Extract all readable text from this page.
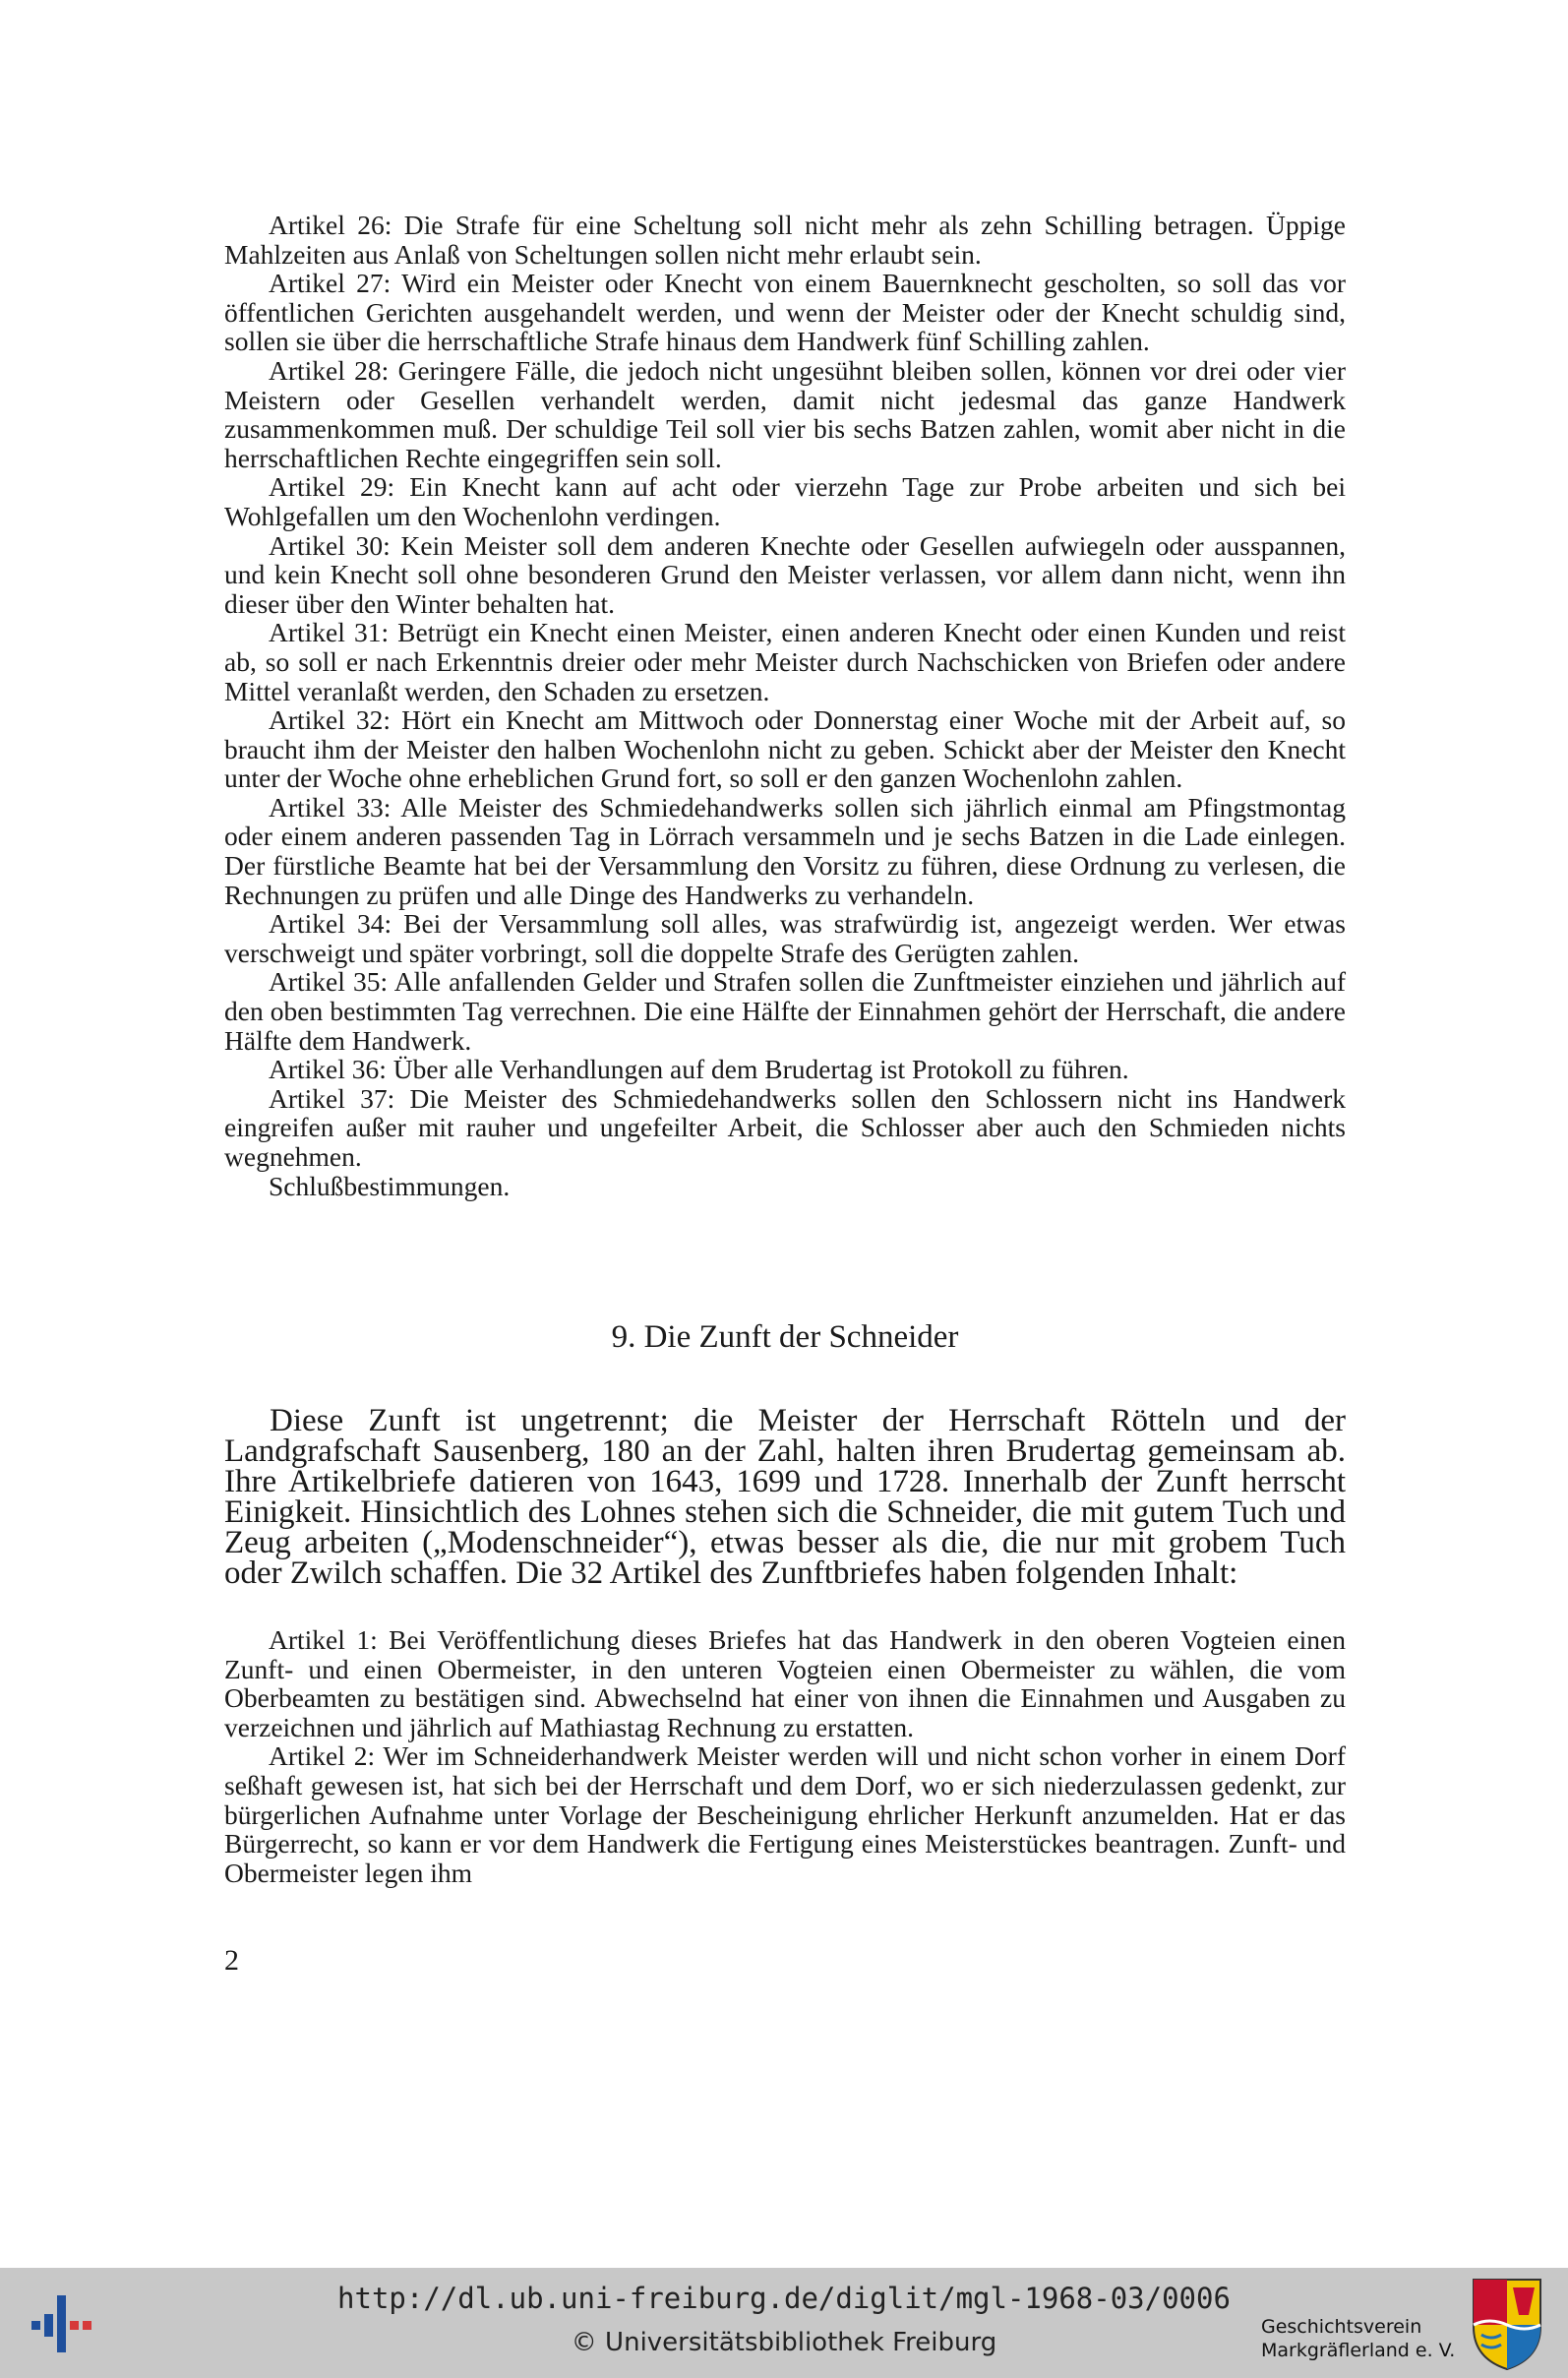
Artikel 26: Die Strafe für eine Scheltung soll nicht mehr als zehn Schilling betragen. Üppige Mahlzeiten aus Anlaß von Scheltungen sollen nicht mehr erlaubt sein.

Artikel 27: Wird ein Meister oder Knecht von einem Bauernknecht gescholten, so soll das vor öffentlichen Gerichten ausgehandelt werden, und wenn der Meister oder der Knecht schuldig sind, sollen sie über die herrschaftliche Strafe hinaus dem Handwerk fünf Schilling zahlen.

Artikel 28: Geringere Fälle, die jedoch nicht ungesühnt bleiben sollen, können vor drei oder vier Meistern oder Gesellen verhandelt werden, damit nicht jedesmal das ganze Handwerk zusammenkommen muß. Der schuldige Teil soll vier bis sechs Batzen zahlen, womit aber nicht in die herrschaftlichen Rechte eingegriffen sein soll.

Artikel 29: Ein Knecht kann auf acht oder vierzehn Tage zur Probe arbeiten und sich bei Wohlgefallen um den Wochenlohn verdingen.

Artikel 30: Kein Meister soll dem anderen Knechte oder Gesellen aufwiegeln oder ausspannen, und kein Knecht soll ohne besonderen Grund den Meister verlassen, vor allem dann nicht, wenn ihn dieser über den Winter behalten hat.

Artikel 31: Betrügt ein Knecht einen Meister, einen anderen Knecht oder einen Kunden und reist ab, so soll er nach Erkenntnis dreier oder mehr Meister durch Nachschicken von Briefen oder andere Mittel veranlaßt werden, den Schaden zu ersetzen.

Artikel 32: Hört ein Knecht am Mittwoch oder Donnerstag einer Woche mit der Arbeit auf, so braucht ihm der Meister den halben Wochenlohn nicht zu geben. Schickt aber der Meister den Knecht unter der Woche ohne erheblichen Grund fort, so soll er den ganzen Wochenlohn zahlen.

Artikel 33: Alle Meister des Schmiedehandwerks sollen sich jährlich einmal am Pfingstmontag oder einem anderen passenden Tag in Lörrach versammeln und je sechs Batzen in die Lade einlegen. Der fürstliche Beamte hat bei der Versammlung den Vorsitz zu führen, diese Ordnung zu verlesen, die Rechnungen zu prüfen und alle Dinge des Handwerks zu verhandeln.

Artikel 34: Bei der Versammlung soll alles, was strafwürdig ist, angezeigt werden. Wer etwas verschweigt und später vorbringt, soll die doppelte Strafe des Gerügten zahlen.

Artikel 35: Alle anfallenden Gelder und Strafen sollen die Zunftmeister einziehen und jährlich auf den oben bestimmten Tag verrechnen. Die eine Hälfte der Einnahmen gehört der Herrschaft, die andere Hälfte dem Handwerk.

Artikel 36: Über alle Verhandlungen auf dem Brudertag ist Protokoll zu führen.

Artikel 37: Die Meister des Schmiedehandwerks sollen den Schlossern nicht ins Handwerk eingreifen außer mit rauher und ungefeilter Arbeit, die Schlosser aber auch den Schmieden nichts wegnehmen.

Schlußbestimmungen.

9. Die Zunft der Schneider

Diese Zunft ist ungetrennt; die Meister der Herrschaft Rötteln und der Landgrafschaft Sausenberg, 180 an der Zahl, halten ihren Brudertag gemeinsam ab. Ihre Artikelbriefe datieren von 1643, 1699 und 1728. Innerhalb der Zunft herrscht Einigkeit. Hinsichtlich des Lohnes stehen sich die Schneider, die mit gutem Tuch und Zeug arbeiten („Modenschneider“), etwas besser als die, die nur mit grobem Tuch oder Zwilch schaffen. Die 32 Artikel des Zunftbriefes haben folgenden Inhalt:

Artikel 1: Bei Veröffentlichung dieses Briefes hat das Handwerk in den oberen Vogteien einen Zunft- und einen Obermeister, in den unteren Vogteien einen Obermeister zu wählen, die vom Oberbeamten zu bestätigen sind. Abwechselnd hat einer von ihnen die Einnahmen und Ausgaben zu verzeichnen und jährlich auf Mathiastag Rechnung zu erstatten.

Artikel 2: Wer im Schneiderhandwerk Meister werden will und nicht schon vorher in einem Dorf seßhaft gewesen ist, hat sich bei der Herrschaft und dem Dorf, wo er sich niederzulassen gedenkt, zur bürgerlichen Aufnahme unter Vorlage der Bescheinigung ehrlicher Herkunft anzumelden. Hat er das Bürgerrecht, so kann er vor dem Handwerk die Fertigung eines Meisterstückes beantragen. Zunft- und Obermeister legen ihm

2
http://dl.ub.uni-freiburg.de/diglit/mgl-1968-03/0006
© Universitätsbibliothek Freiburg
Geschichtsverein
Markgräflerland e. V.
